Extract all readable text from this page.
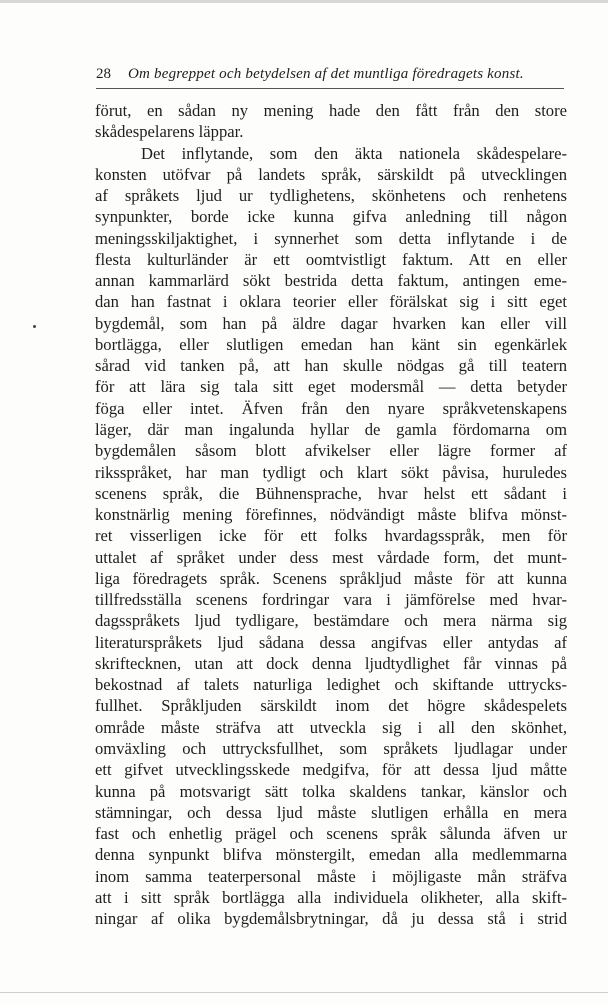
28 Om begreppet och betydelsen af det muntliga föredragets konst.
förut, en sådan ny mening hade den fått från den store
skådespelarens läppar.
Det inflytande, som den äkta nationela skådespelare-
konsten utöfvar på landets språk, särskildt på utvecklingen
af språkets ljud ur tydlighetens, skönhetens och renhetens
synpunkter, borde icke kunna gifva anledning till någon
meningsskiljaktighet, i synnerhet som detta inflytande i de
flesta kulturländer är ett oomtvistligt faktum. Att en eller
annan kammarlärd sökt bestrida detta faktum, antingen eme-
dan han fastnat i oklara teorier eller förälskat sig i sitt eget
bygdemål, som han på äldre dagar hvarken kan eller vill
bortlägga, eller slutligen emedan han känt sin egenkärlek
sårad vid tanken på, att han skulle nödgas gå till teatern
för att lära sig tala sitt eget modersmål — detta betyder
föga eller intet. Äfven från den nyare språkvetenskapens
läger, där man ingalunda hyllar de gamla fördomarna om
bygdemålen såsom blott afvikelser eller lägre former af
riksspråket, har man tydligt och klart sökt påvisa, huruledes
scenens språk, die Bühnensprache, hvar helst ett sådant i
konstnärlig mening förefinnes, nödvändigt måste blifva mönst-
ret visserligen icke för ett folks hvardagsspråk, men för
uttalet af språket under dess mest vårdade form, det munt-
liga föredragets språk. Scenens språkljud måste för att kunna
tillfredsställa scenens fordringar vara i jämförelse med hvar-
dagsspråkets ljud tydligare, bestämdare och mera närma sig
literaturspråkets ljud sådana dessa angifvas eller antydas af
skriftecknen, utan att dock denna ljudtydlighet får vinnas på
bekostnad af talets naturliga ledighet och skiftande uttrycks-
fullhet. Språkljuden särskildt inom det högre skådespelets
område måste sträfva att utveckla sig i all den skönhet,
omväxling och uttrycksfullhet, som språkets ljudlagar under
ett gifvet utvecklingsskede medgifva, för att dessa ljud måtte
kunna på motsvarigt sätt tolka skaldens tankar, känslor och
stämningar, och dessa ljud måste slutligen erhålla en mera
fast och enhetlig prägel och scenens språk sålunda äfven ur
denna synpunkt blifva mönstergilt, emedan alla medlemmarna
inom samma teaterpersonal måste i möjligaste mån sträfva
att i sitt språk bortlägga alla individuela olikheter, alla skift-
ningar af olika bygdemålsbrytningar, då ju dessa stå i strid
